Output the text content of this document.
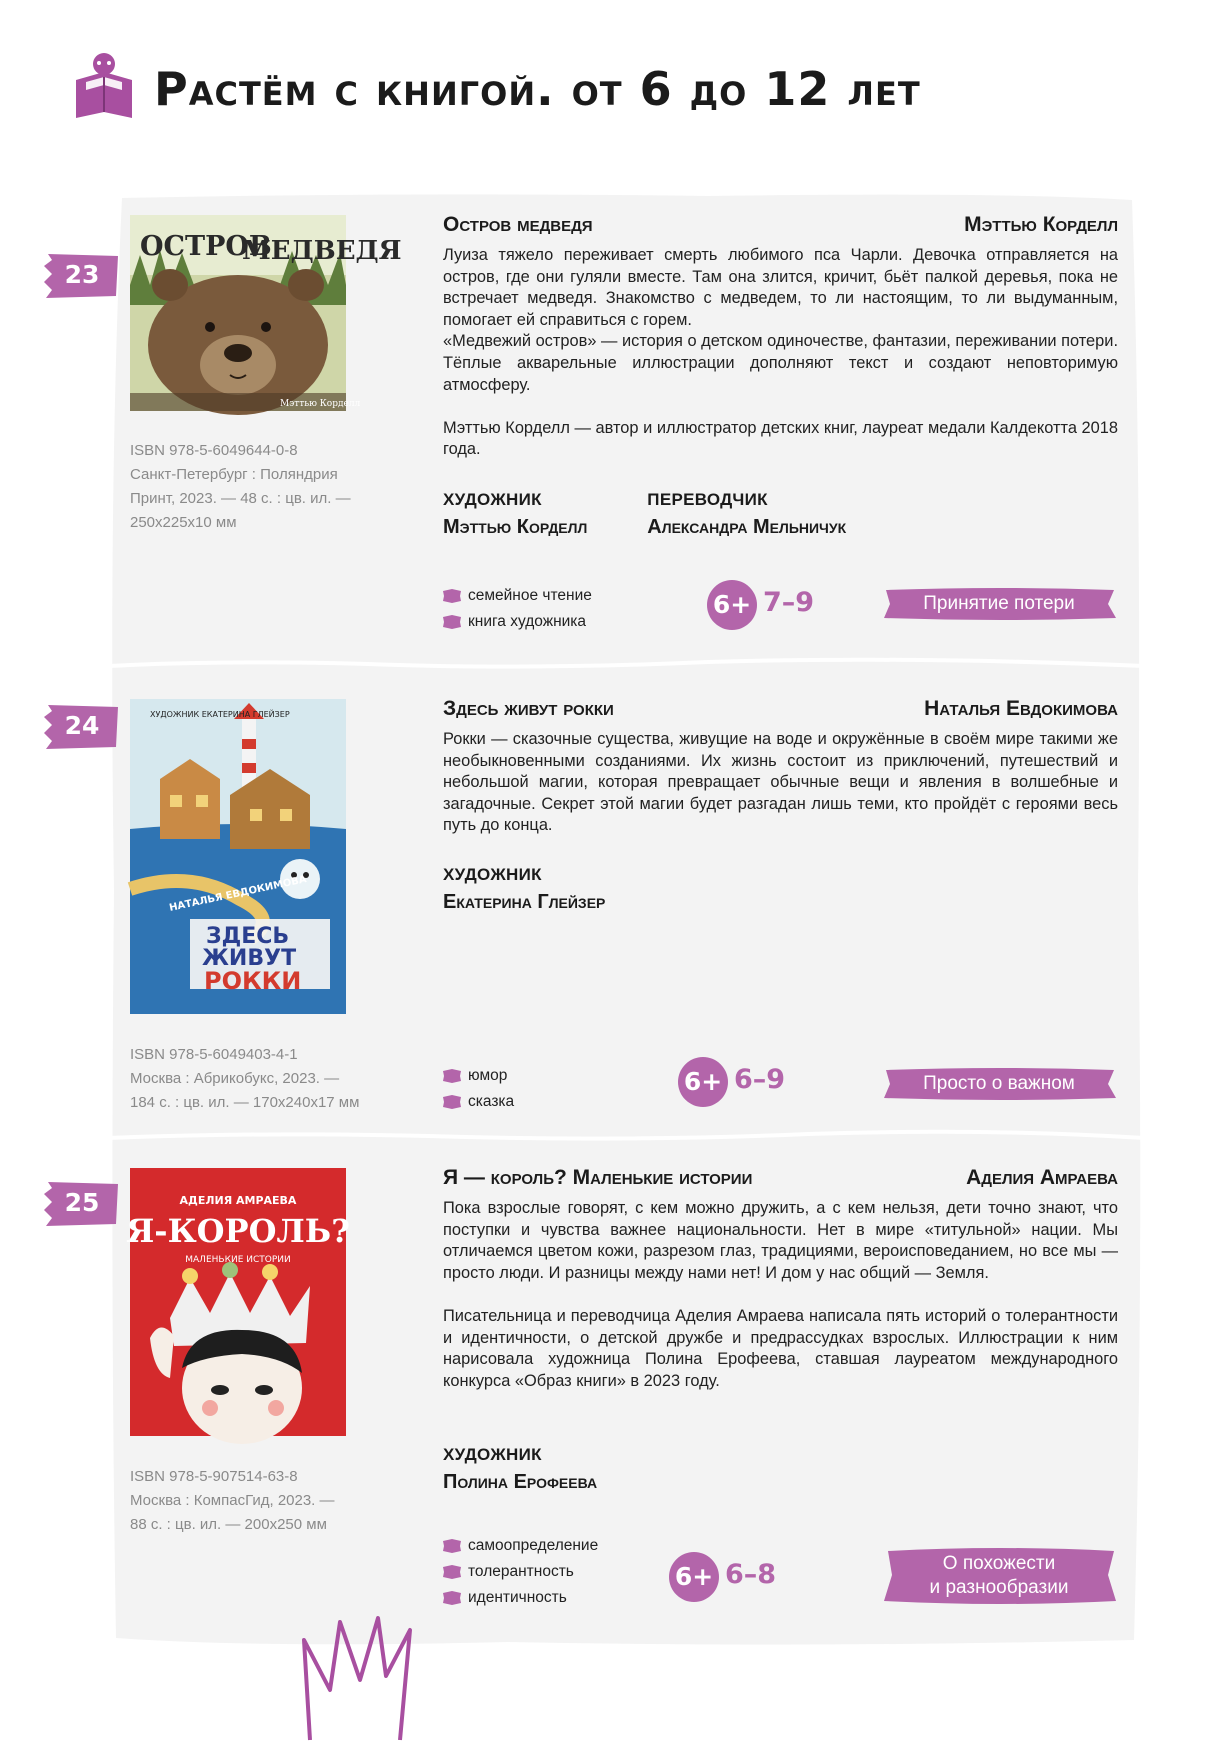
Растём с книгой. от 6 до 12 лет
23
ОСТРОВ
МЕДВЕДЯ
Мэттью Корделл
ISBN 978-5-6049644-0-8
Санкт-Петербург : Поляндрия
Принт, 2023. — 48 с. : цв. ил. —
250x225x10 мм
Остров медведя	Мэттью Корделл

Луиза тяжело переживает смерть любимого пса Чарли. Девочка отправляется на остров, где они гуляли вместе. Там она злится, кричит, бьёт палкой деревья, пока не встречает медведя. Знакомство с медведем, то ли настоящим, то ли выдуманным, помогает ей справиться с горем.

«Медвежий остров» — история о детском одиночестве, фантазии, переживании потери. Тёплые акварельные иллюстрации дополняют текст и создают неповторимую атмосферу.

Мэттью Корделл — автор и иллюстратор детских книг, лауреат медали Калдекотта 2018 года.

ХУДОЖНИК
Мэттью Корделл
ПЕРЕВОДЧИК
Александра Мельничук
семейное чтение
книга художника
6+ 7–9	Принятие потери
24	ХУДОЖНИК ЕКАТЕРИНА ГЛЕЙЗЕР
НАТАЛЬЯ ЕВДОКИМОВА
ЗДЕСЬ
ЖИВУТ
РОККИ
ISBN 978-5-6049403-4-1
Москва : Абрикобукс, 2023. —
184 с. : цв. ил. — 170x240x17 мм
Здесь живут рокки	Наталья Евдокимова

Рокки — сказочные существа, живущие на воде и окружённые в своём мире такими же необыкновенными созданиями. Их жизнь состоит из приключений, путешествий и небольшой магии, которая превращает обычные вещи и явления в волшебные и загадочные. Секрет этой магии будет разгадан лишь теми, кто пройдёт с героями весь путь до конца.

ХУДОЖНИК
Екатерина Глейзер
юмор
сказка
6+ 6–9	Просто о важном
25	АДЕЛИЯ АМРАЕВА
Я-КОРОЛЬ?
МАЛЕНЬКИЕ ИСТОРИИ
ISBN 978-5-907514-63-8
Москва : КомпасГид, 2023. —
88 с. : цв. ил. — 200x250 мм
Я — король? Маленькие истории	Аделия Амраева

Пока взрослые говорят, с кем можно дружить, а с кем нельзя, дети точно знают, что поступки и чувства важнее национальности. Нет в мире «титульной» нации. Мы отличаемся цветом кожи, разрезом глаз, традициями, вероисповеданием, но все мы — просто люди. И разницы между нами нет! И дом у нас общий — Земля.

Писательница и переводчица Аделия Амраева написала пять историй о толерантности и идентичности, о детской дружбе и предрассудках взрослых. Иллюстрации к ним нарисовала художница Полина Ерофеева, ставшая лауреатом международного конкурса «Образ книги» в 2023 году.

ХУДОЖНИК
Полина Ерофеева
самоопределение
толерантность
идентичность
6+ 6–8	О похожести
и разнообразии
